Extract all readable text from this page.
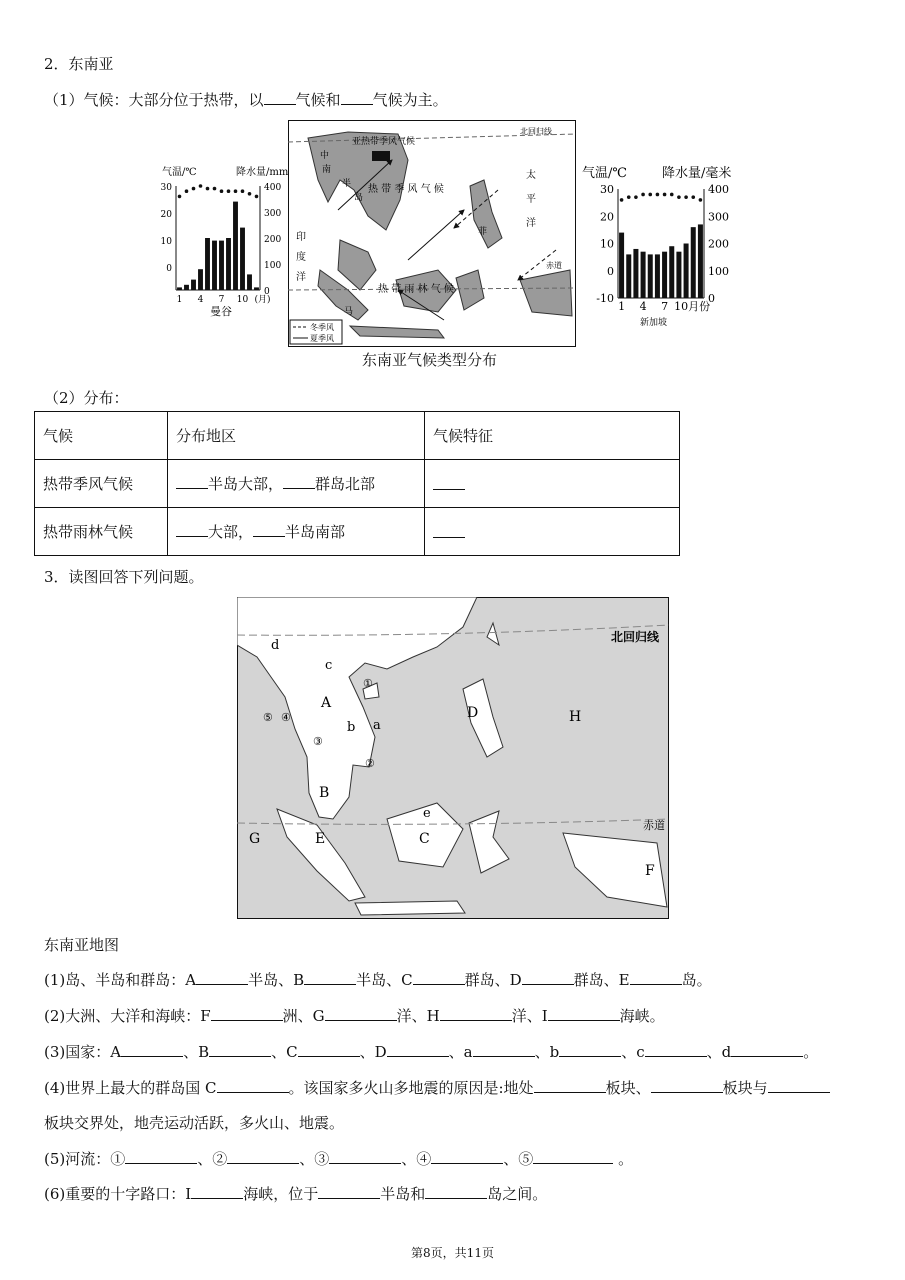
2．东南亚
（1）气候：大部分位于热带，以 气候和 气候为主。
气温/℃	降水量/mm
30
20
10
0
400
300
200
100
0
1 4 7 10 (月)
曼谷
亚热带季风气候
北回归线
赤道
太
平
洋
印
度
洋
热 带 季 风 气 候
热 带 雨 林 气 候
中
南
半
岛
马
菲
冬季风
夏季风
东南亚气候类型分布
气温/℃	降水量/毫米
30
20
10
0
-10
400
300
200
100
0
1 4 7 10月份
新加坡
（2）分布：
气候	分布地区	气候特征
热带季风气候	半岛大部， 群岛北部	
热带雨林气候	大部， 半岛南部	
3．读图回答下列问题。
北回归线
赤道
A
B
C
D
E
F
G
H
a
b
c
d
e
①
②
③
④
⑤
东南亚地图
(1)岛、半岛和群岛：A	半岛、B	半岛、C	群岛、D	群岛、E	岛。
(2)大洲、大洋和海峡：F	洲、G	洋、H	洋、I	海峡。
(3)国家：A	、B	、C	、D	、a	、b	、c	、d	。
(4)世界上最大的群岛国 C	。该国家多火山多地震的原因是:地处	板块、	板块与
板块交界处，地壳运动活跃，多火山、地震。
(5)河流：①	、②	、③	、④	、⑤	。
(6)重要的十字路口：I	海峡，位于	半岛和	岛之间。
第8页，共11页
